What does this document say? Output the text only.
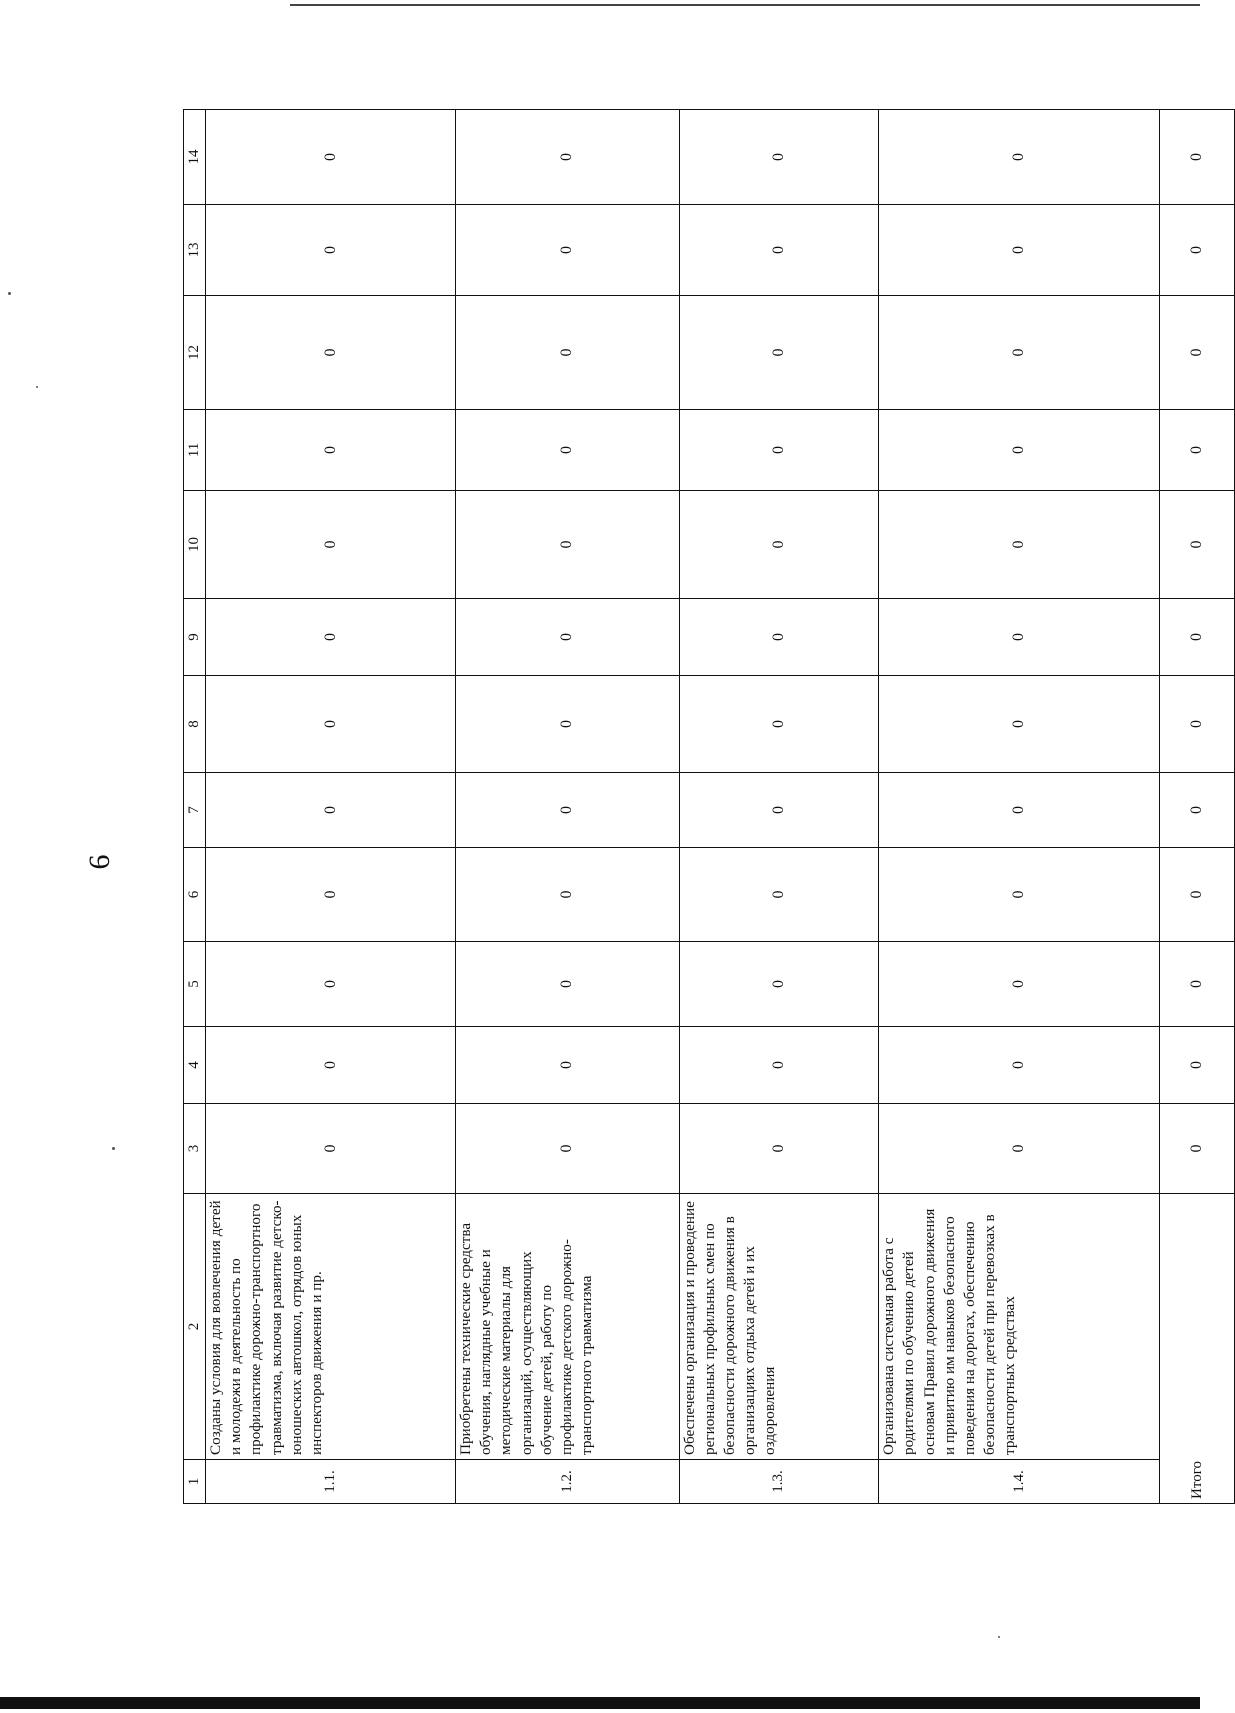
6
1	2	3	4	5	6	7	8	9	10	11	12	13	14
1.1.	Созданы условия для вовлечения детей и молодежи в деятельность по профилактике дорожно-транспортного травматизма, включая развитие детско-юношеских автошкол, отрядов юных инспекторов движения и пр.	0	0	0	0	0	0	0	0	0	0	0	0
1.2.	Приобретены технические средства обучения, наглядные учебные и методические материалы для организаций, осуществляющих обучение детей, работу по профилактике детского дорожно-транспортного травматизма	0	0	0	0	0	0	0	0	0	0	0	0
1.3.	Обеспечены организация и проведение региональных профильных смен по безопасности дорожного движения в организациях отдыха детей и их оздоровления	0	0	0	0	0	0	0	0	0	0	0	0
1.4.	Организована системная работа с родителями по обучению детей основам Правил дорожного движения и привитию им навыков безопасного поведения на дорогах, обеспечению безопасности детей при перевозках в транспортных средствах	0	0	0	0	0	0	0	0	0	0	0	0
Итого		0	0	0	0	0	0	0	0	0	0	0	0
